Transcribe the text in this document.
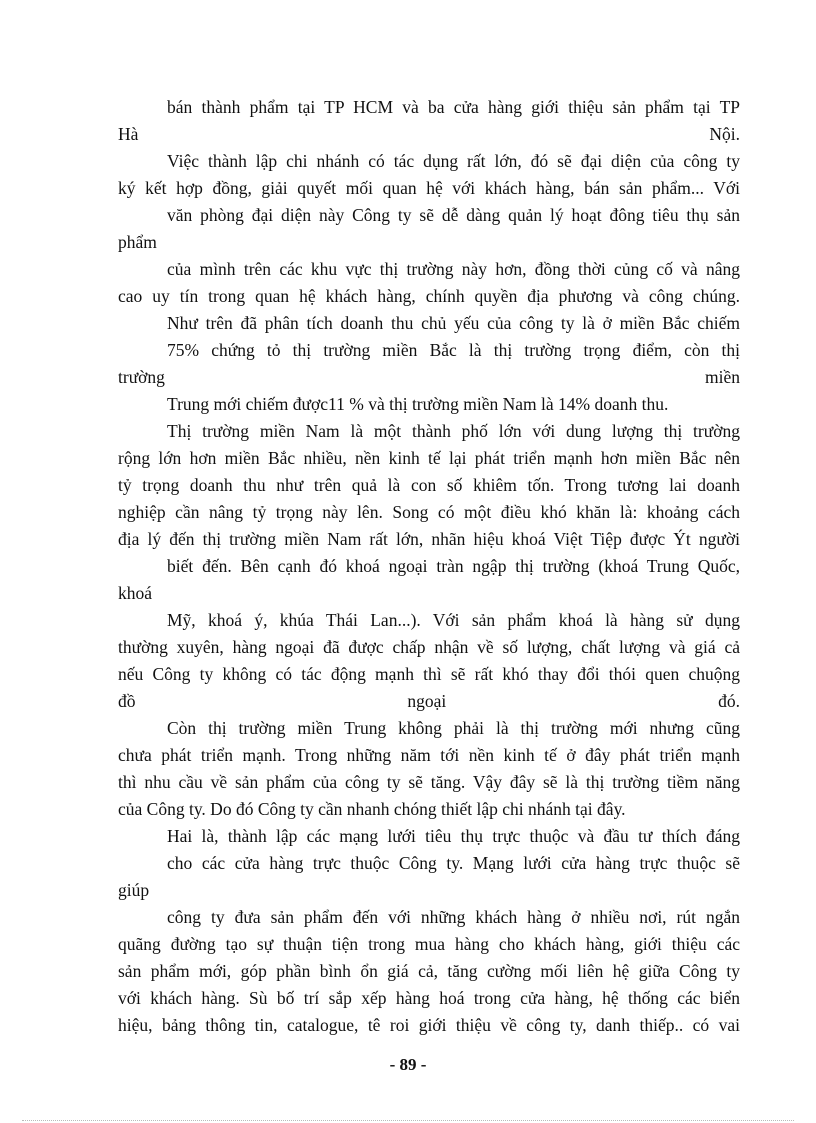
bán thành phẩm tại TP HCM và ba cửa hàng giới thiệu sản phẩm tại TP
Hà Nội.
Việc thành lập chi nhánh có tác dụng rất lớn, đó sẽ đại diện của công ty
ký kết hợp đồng, giải quyết mối quan hệ với khách hàng, bán sản phẩm... Với
văn phòng đại diện này Công ty sẽ dễ dàng quản lý hoạt đông tiêu thụ sản
phẩm
của mình trên các khu vực thị trường này hơn, đồng thời củng cố và nâng
cao uy tín trong quan hệ khách hàng, chính quyền địa phương và công chúng.
Như trên đã phân tích doanh thu chủ yếu của công ty là ở miền Bắc chiếm
75% chứng tỏ thị trường miền Bắc là thị trường trọng điểm, còn thị
trường miền
Trung mới chiếm được11 % và thị trường miền Nam là 14% doanh thu.
Thị trường miền Nam là một thành phố lớn với dung lượng thị trường
rộng lớn hơn miền Bắc nhiều, nền kinh tế lại phát triển mạnh hơn miền Bắc nên
tỷ trọng doanh thu như trên quả là con số khiêm tốn. Trong tương lai doanh
nghiệp cần nâng tỷ trọng này lên. Song có một điều khó khăn là: khoảng cách
địa lý đến thị trường miền Nam rất lớn, nhãn hiệu khoá Việt Tiệp được Ýt người
biết đến. Bên cạnh đó khoá ngoại tràn ngập thị trường (khoá Trung Quốc,
khoá
Mỹ, khoá ý, khúa Thái Lan...). Với sản phẩm khoá là hàng sử dụng
thường xuyên, hàng ngoại đã được chấp nhận về số lượng, chất lượng và giá cả
nếu Công ty không có tác động mạnh thì sẽ rất khó thay đổi thói quen chuộng
đồ ngoại đó.
Còn thị trường miền Trung không phải là thị trường mới nhưng cũng
chưa phát triển mạnh. Trong những năm tới nền kinh tế ở đây phát triển mạnh
thì nhu cầu về sản phẩm của công ty sẽ tăng. Vậy đây sẽ là thị trường tiềm năng
của Công ty. Do đó Công ty cần nhanh chóng thiết lập chi nhánh tại đây.
Hai là, thành lập các mạng lưới tiêu thụ trực thuộc và đầu tư thích đáng
cho các cửa hàng trực thuộc Công ty. Mạng lưới cửa hàng trực thuộc sẽ
giúp
công ty đưa sản phẩm đến với những khách hàng ở nhiều nơi, rút ngắn
quãng đường tạo sự thuận tiện trong mua hàng cho khách hàng, giới thiệu các
sản phẩm mới, góp phần bình ổn giá cả, tăng cường mối liên hệ giữa Công ty
với khách hàng. Sù bố trí sắp xếp hàng hoá trong cửa hàng, hệ thống các biển
hiệu, bảng thông tin, catalogue, tê roi giới thiệu về công ty, danh thiếp.. có vai
- 89 -
